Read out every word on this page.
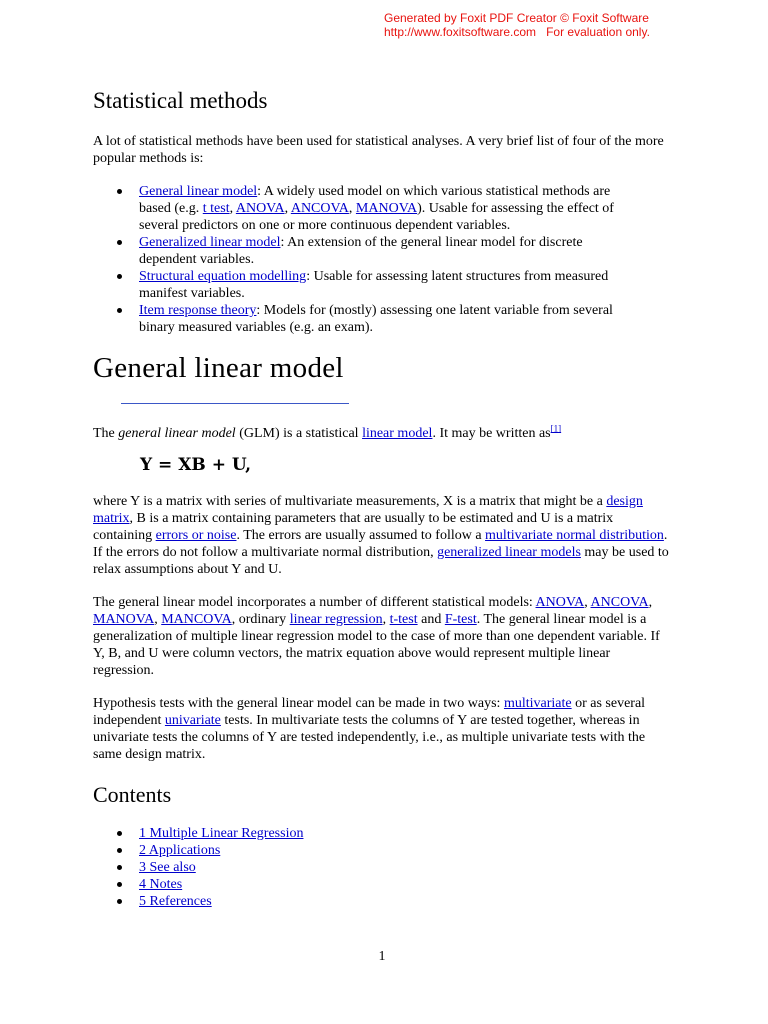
Generated by Foxit PDF Creator © Foxit Software
http://www.foxitsoftware.com For evaluation only.
Statistical methods

A lot of statistical methods have been used for statistical analyses. A very brief list of four of the more popular methods is:

General linear model: A widely used model on which various statistical methods are based (e.g. t test, ANOVA, ANCOVA, MANOVA). Usable for assessing the effect of several predictors on one or more continuous dependent variables.
Generalized linear model: An extension of the general linear model for discrete dependent variables.
Structural equation modelling: Usable for assessing latent structures from measured manifest variables.
Item response theory: Models for (mostly) assessing one latent variable from several binary measured variables (e.g. an exam).
General linear model

The general linear model (GLM) is a statistical linear model. It may be written as[1]

Y = XB + U,

where Y is a matrix with series of multivariate measurements, X is a matrix that might be a design matrix, B is a matrix containing parameters that are usually to be estimated and U is a matrix containing errors or noise. The errors are usually assumed to follow a multivariate normal distribution. If the errors do not follow a multivariate normal distribution, generalized linear models may be used to relax assumptions about Y and U.

The general linear model incorporates a number of different statistical models: ANOVA, ANCOVA, MANOVA, MANCOVA, ordinary linear regression, t-test and F-test. The general linear model is a generalization of multiple linear regression model to the case of more than one dependent variable. If Y, B, and U were column vectors, the matrix equation above would represent multiple linear regression.

Hypothesis tests with the general linear model can be made in two ways: multivariate or as several independent univariate tests. In multivariate tests the columns of Y are tested together, whereas in univariate tests the columns of Y are tested independently, i.e., as multiple univariate tests with the same design matrix.

Contents
1 Multiple Linear Regression
2 Applications
3 See also
4 Notes
5 References
1
